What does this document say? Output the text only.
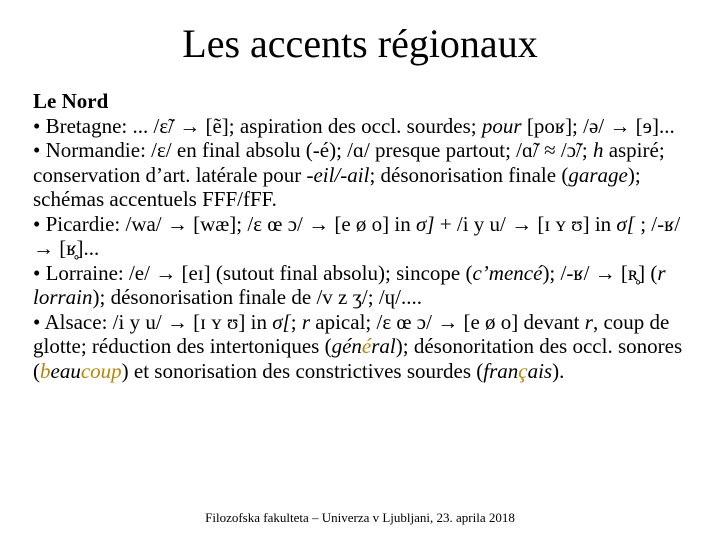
Les accents régionaux

Le Nord

• Bretagne: ... /ɛ̃/ → [ẽ]; aspiration des occl. sourdes; pour [poʁ]; /ə/ → [ɘ]...

• Normandie: /ɛ/ en final absolu (-é); /ɑ/ presque partout; /ɑ̃/ ≈ /ɔ̃/; h aspiré; conservation d’art. latérale pour -eil/-ail; désonorisation finale (garage); schémas accentuels FFF/fFF.

• Picardie: /wa/ → [wæ]; /ɛ œ ɔ/ → [e ø o] in σ] + /i y u/ → [ɪ ʏ ʊ] in σ[ ; /-ʁ/ → [ʁ̥]...

• Lorraine: /e/ → [eɪ] (sutout final absolu); sincope (c’mencé); /-ʁ/ → [ʀ̥] (r lorrain); désonorisation finale de /v z ʒ/; /ɥ/....

• Alsace: /i y u/ → [ɪ ʏ ʊ] in σ[; r apical; /ɛ œ ɔ/ → [e ø o] devant r, coup de glotte; réduction des intertoniques (général); désonoritation des occl. sonores (beaucoup) et sonorisation des constrictives sourdes (français).

Filozofska fakulteta – Univerza v Ljubljani, 23. aprila 2018
